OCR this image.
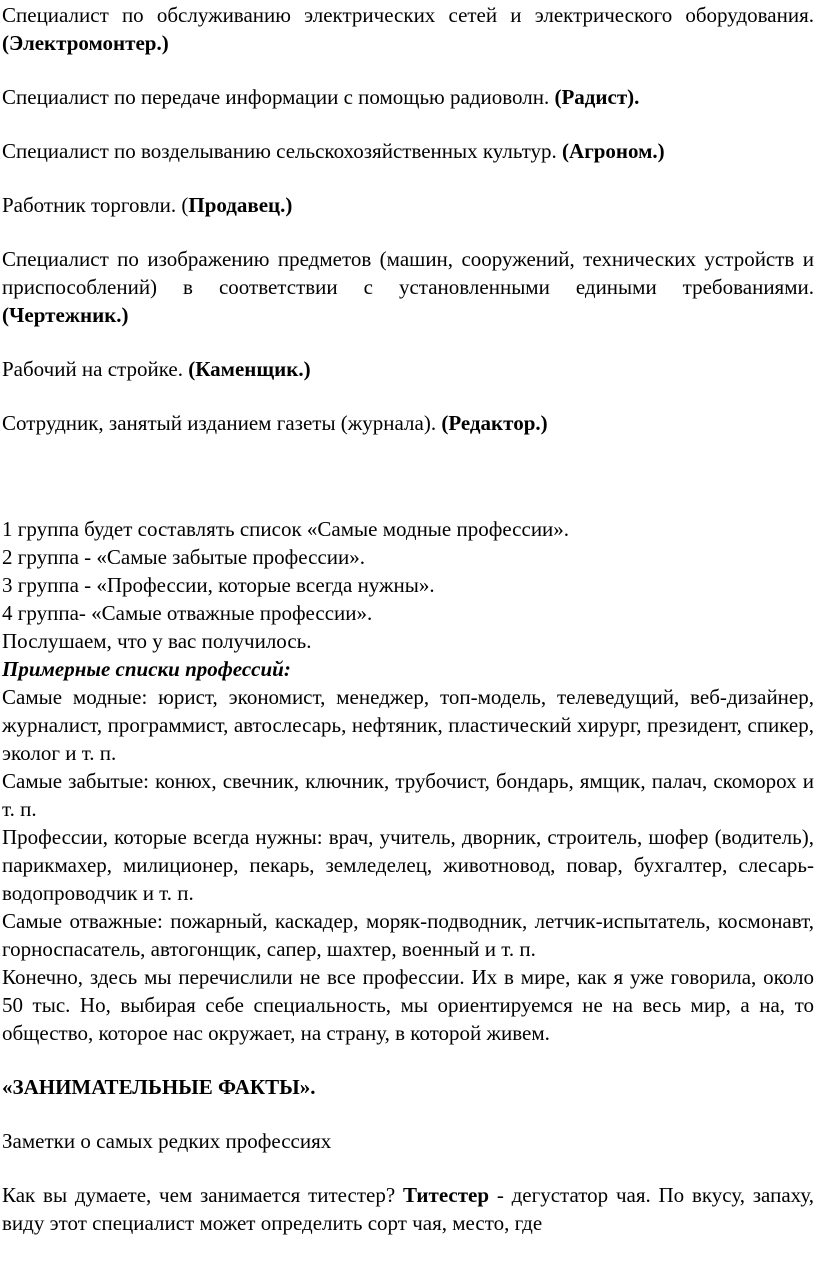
Специалист по обслуживанию электрических сетей и электрического оборудования. (Электромонтер.)

Специалист по передаче информации с помощью радиоволн. (Радист).

Специалист по возделыванию сельскохозяйственных культур. (Агроном.)

Работник торговли. (Продавец.)

Специалист по изображению предметов (машин, сооружений, технических устройств и приспособлений) в соответствии с установленными едиными требованиями. (Чертежник.)

Рабочий на стройке. (Каменщик.)

Сотрудник, занятый изданием газеты (журнала). (Редактор.)

1 группа будет составлять список «Самые модные профессии».

2 группа - «Самые забытые профессии».

3 группа - «Профессии, которые всегда нужны».

4 группа- «Самые отважные профессии».

Послушаем, что у вас получилось.

Примерные списки профессий:

Самые модные: юрист, экономист, менеджер, топ-модель, телеведущий, веб-дизайнер, журналист, программист, автослесарь, нефтяник, пластический хирург, президент, спикер, эколог и т. п.

Самые забытые: конюх, свечник, ключник, трубочист, бондарь, ямщик, палач, скоморох и т. п.

Профессии, которые всегда нужны: врач, учитель, дворник, строитель, шофер (водитель), парикмахер, милиционер, пекарь, земледелец, животновод, повар, бухгалтер, слесарь-водопроводчик и т. п.

Самые отважные: пожарный, каскадер, моряк-подводник, летчик-испытатель, космонавт, горноспасатель, автогонщик, сапер, шахтер, военный и т. п.

Конечно, здесь мы перечислили не все профессии. Их в мире, как я уже говорила, около 50 тыс. Но, выбирая себе специальность, мы ориентируемся не на весь мир, а на, то общество, которое нас окружает, на страну, в которой живем.

«ЗАНИМАТЕЛЬНЫЕ ФАКТЫ».

Заметки о самых редких профессиях

Как вы думаете, чем занимается титестер? Титестер - дегустатор чая. По вкусу, запаху, виду этот специалист может определить сорт чая, место, где
